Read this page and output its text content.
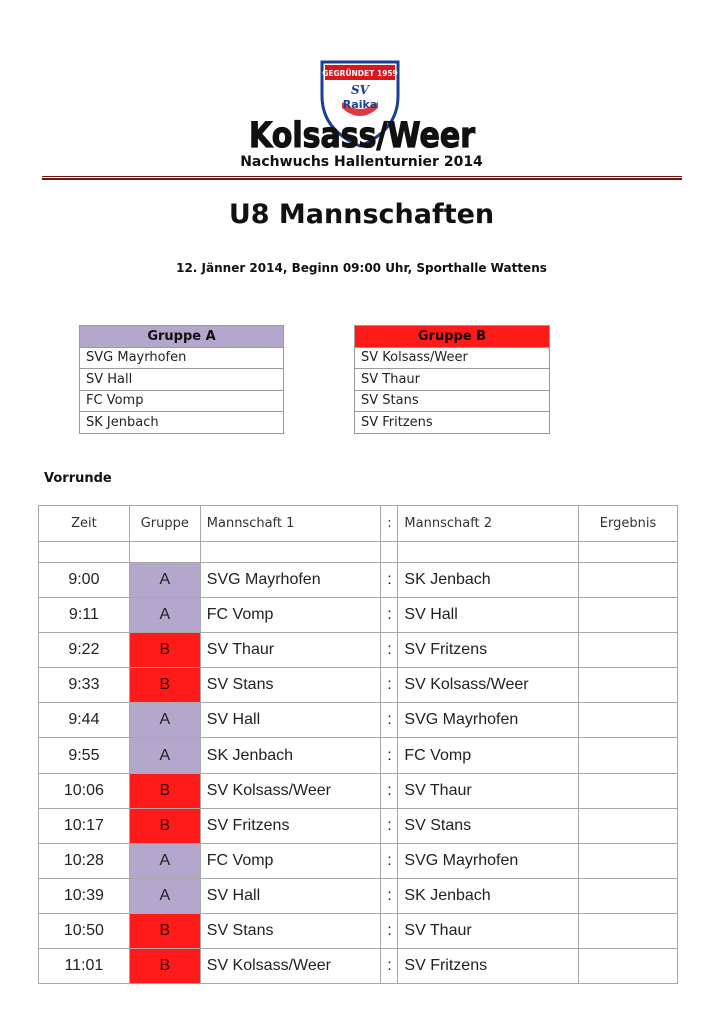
GEGRÜNDET 1959
SV
Raika
Kolsass/Weer
Nachwuchs Hallenturnier 2014
U8 Mannschaften
12. Jänner 2014, Beginn 09:00 Uhr, Sporthalle Wattens
Gruppe A
SVG Mayrhofen
SV Hall
FC Vomp
SK Jenbach
Gruppe B
SV Kolsass/Weer
SV Thaur
SV Stans
SV Fritzens
Vorrunde
Zeit	Gruppe	Mannschaft 1	:	Mannschaft 2	Ergebnis

9:00	A	SVG Mayrhofen	:	SK Jenbach	
9:11	A	FC Vomp	:	SV Hall	
9:22	B	SV Thaur	:	SV Fritzens	
9:33	B	SV Stans	:	SV Kolsass/Weer	
9:44	A	SV Hall	:	SVG Mayrhofen	
9:55	A	SK Jenbach	:	FC Vomp	
10:06	B	SV Kolsass/Weer	:	SV Thaur	
10:17	B	SV Fritzens	:	SV Stans	
10:28	A	FC Vomp	:	SVG Mayrhofen	
10:39	A	SV Hall	:	SK Jenbach	
10:50	B	SV Stans	:	SV Thaur	
11:01	B	SV Kolsass/Weer	:	SV Fritzens	
